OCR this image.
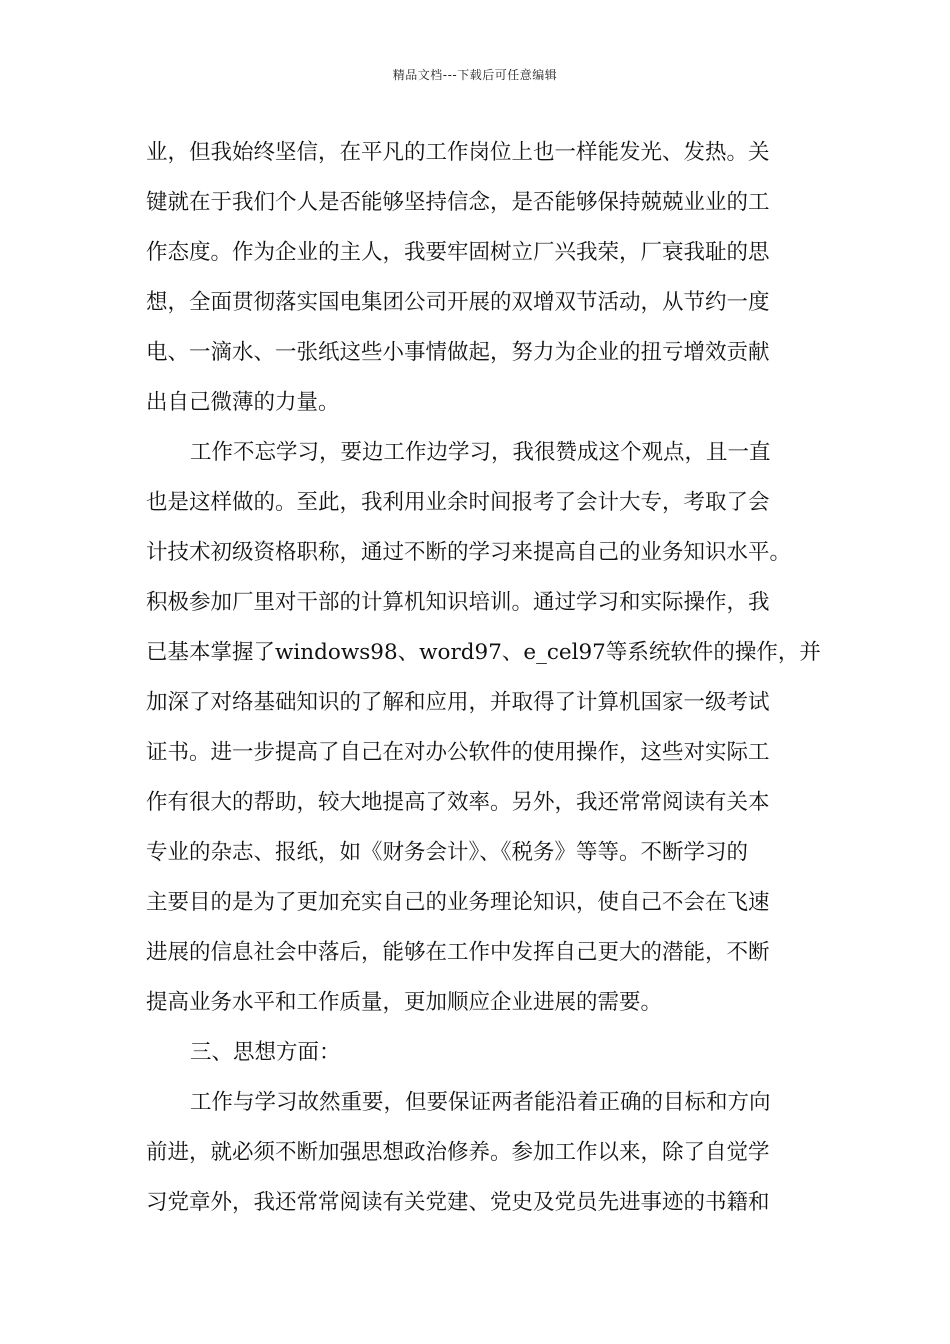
精品文档---下载后可任意编辑
业，但我始终坚信，在平凡的工作岗位上也一样能发光、发热。关
键就在于我们个人是否能够坚持信念，是否能够保持兢兢业业的工
作态度。作为企业的主人，我要牢固树立厂兴我荣，厂衰我耻的思
想，全面贯彻落实国电集团公司开展的双增双节活动，从节约一度
电、一滴水、一张纸这些小事情做起，努力为企业的扭亏增效贡献
出自己微薄的力量。
工作不忘学习，要边工作边学习，我很赞成这个观点，且一直
也是这样做的。至此，我利用业余时间报考了会计大专，考取了会
计技术初级资格职称，通过不断的学习来提高自己的业务知识水平。
积极参加厂里对干部的计算机知识培训。通过学习和实际操作，我
已基本掌握了windows98、word97、e_cel97等系统软件的操作，并
加深了对络基础知识的了解和应用，并取得了计算机国家一级考试
证书。进一步提高了自己在对办公软件的使用操作，这些对实际工
作有很大的帮助，较大地提高了效率。另外，我还常常阅读有关本
专业的杂志、报纸，如《财务会计》、《税务》等等。不断学习的
主要目的是为了更加充实自己的业务理论知识，使自己不会在飞速
进展的信息社会中落后，能够在工作中发挥自己更大的潜能，不断
提高业务水平和工作质量，更加顺应企业进展的需要。
三、思想方面：
工作与学习故然重要，但要保证两者能沿着正确的目标和方向
前进，就必须不断加强思想政治修养。参加工作以来，除了自觉学
习党章外，我还常常阅读有关党建、党史及党员先进事迹的书籍和
